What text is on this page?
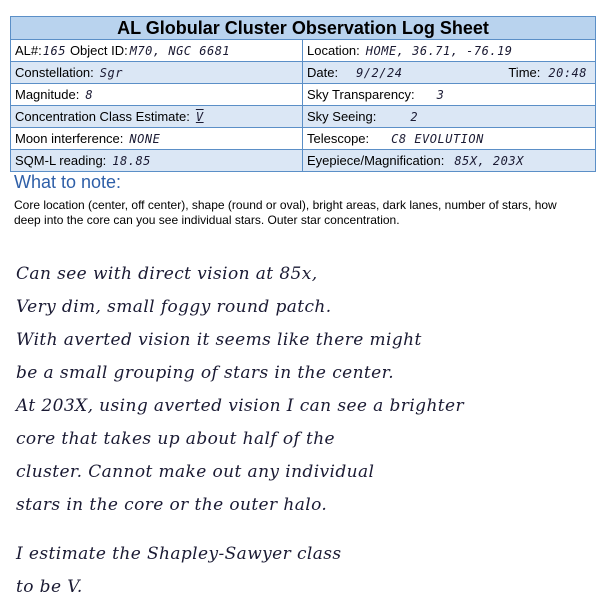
AL Globular Cluster Observation Log Sheet
AL#: 165 Object ID: M70, NGC 6681	Location: HOME, 36.71, -76.19
Constellation: Sgr	Date: 9/2/24	Time: 20:48
Magnitude: 8	Sky Transparency: 3
Concentration Class Estimate: V	Sky Seeing:	2
Moon interference: NONE	Telescope: C8 EVOLUTION
SQM-L reading: 18.85	Eyepiece/Magnification: 85X, 203X
What to note:
Core location (center, off center), shape (round or oval), bright areas, dark lanes, number of stars, how deep into the core can you see individual stars. Outer star concentration.
Can see with direct vision at 85x,
Very dim, small foggy round patch.
With averted vision it seems like there might
be a small grouping of stars in the center.
At 203X, using averted vision I can see a brighter
core that takes up about half of the
cluster. Cannot make out any individual
stars in the core or the outer halo.
I estimate the Shapley-Sawyer class
to be V.
